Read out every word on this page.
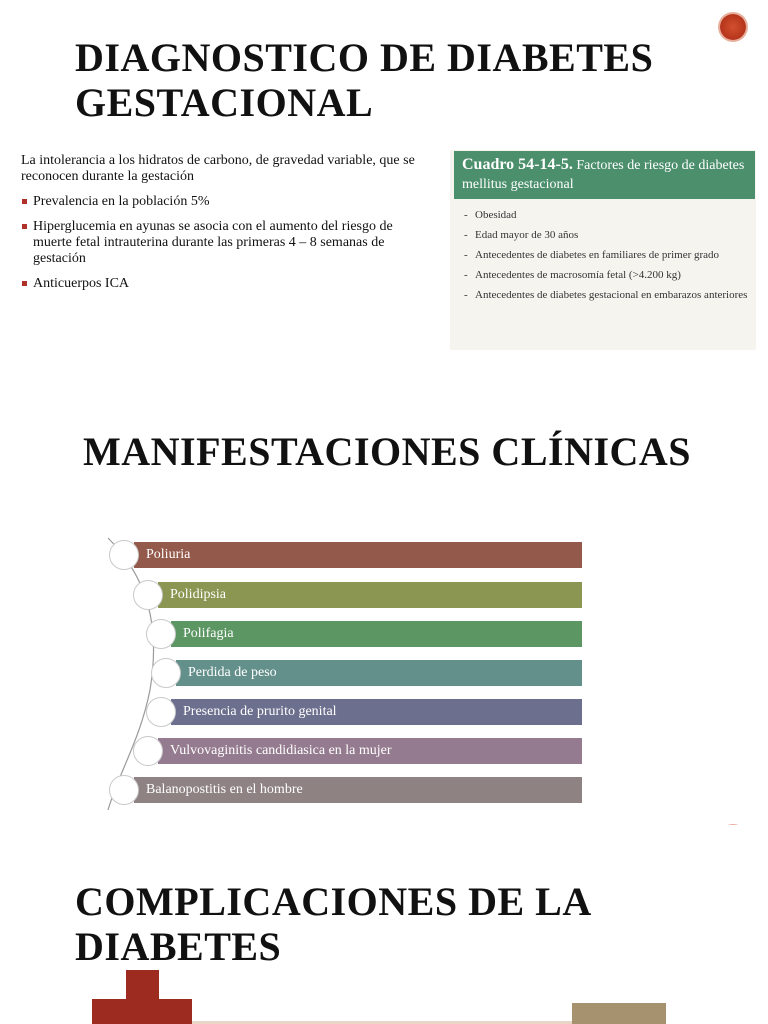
DIAGNOSTICO DE DIABETES GESTACIONAL

La intolerancia a los hidratos de carbono, de gravedad variable, que se reconocen durante la gestación

Prevalencia en la población 5%
Hiperglucemia en ayunas se asocia con el aumento del riesgo de muerte fetal intrauterina durante las primeras 4 – 8 semanas de gestación
Anticuerpos ICA
Cuadro 54-14-5. Factores de riesgo de diabetes mellitus gestacional
- Obesidad
- Edad mayor de 30 años
- Antecedentes de diabetes en familiares de primer grado
- Antecedentes de macrosomía fetal (>4.200 kg)
- Antecedentes de diabetes gestacional en embarazos anteriores
MANIFESTACIONES CLÍNICAS
Poliuria
Polidipsia
Polifagia
Perdida de peso
Presencia de prurito genital
Vulvovaginitis candidiasica en la mujer
Balanopostitis en el hombre
COMPLICACIONES DE LA DIABETES
